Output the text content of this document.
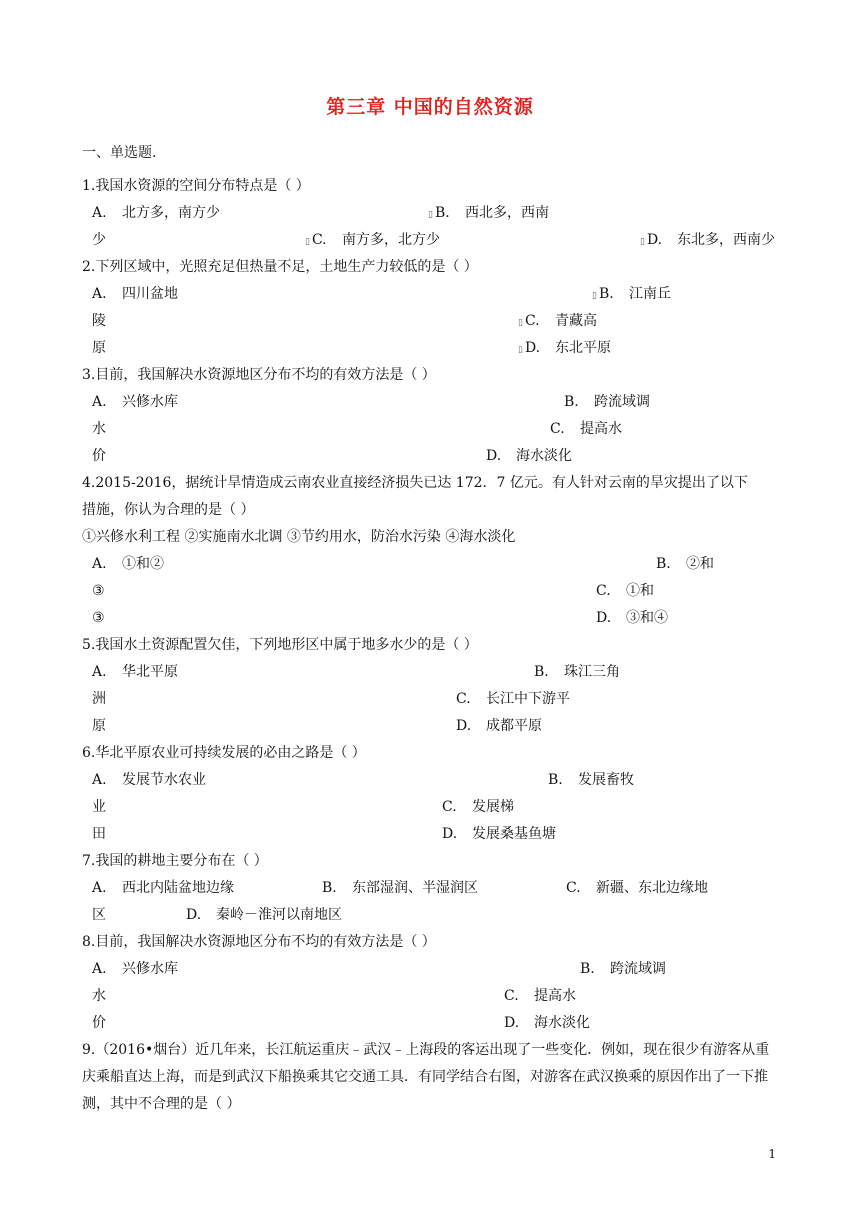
第三章 中国的自然资源
一、单选题.
1.我国水资源的空间分布特点是（ ）
A. 北方多，南方少	▯ B. 西北多，西南
少	▯ C. 南方多，北方少	▯ D. 东北多，西南少
2.下列区域中，光照充足但热量不足，土地生产力较低的是（ ）
A. 四川盆地	▯ B. 江南丘
陵	▯ C. 青藏高
原	▯ D. 东北平原
3.目前，我国解决水资源地区分布不均的有效方法是（ ）
A. 兴修水库	B. 跨流域调
水	C. 提高水
价	D. 海水淡化
4.2015-2016，据统计旱情造成云南农业直接经济损失已达 172．7 亿元。有人针对云南的旱灾提出了以下
措施，你认为合理的是（ ）
①兴修水利工程 ②实施南水北调 ③节约用水，防治水污染 ④海水淡化
A. ①和②	B. ②和
③	C. ①和
③	D. ③和④
5.我国水土资源配置欠佳，下列地形区中属于地多水少的是（ ）
A. 华北平原	B. 珠江三角
洲	C. 长江中下游平
原	D. 成都平原
6.华北平原农业可持续发展的必由之路是（ ）
A. 发展节水农业	B. 发展畜牧
业	C. 发展梯
田	D. 发展桑基鱼塘
7.我国的耕地主要分布在（ ）
A. 西北内陆盆地边缘	B. 东部湿润、半湿润区	C. 新疆、东北边缘地
区	D. 秦岭－淮河以南地区
8.目前，我国解决水资源地区分布不均的有效方法是（ ）
A. 兴修水库	B. 跨流域调
水	C. 提高水
价	D. 海水淡化
9.（2016•烟台）近几年来，长江航运重庆﹣武汉﹣上海段的客运出现了一些变化．例如，现在很少有游客从重庆乘船直达上海，而是到武汉下船换乘其它交通工具．有同学结合右图，对游客在武汉换乘的原因作出了一下推测，其中不合理的是（ ）
1
